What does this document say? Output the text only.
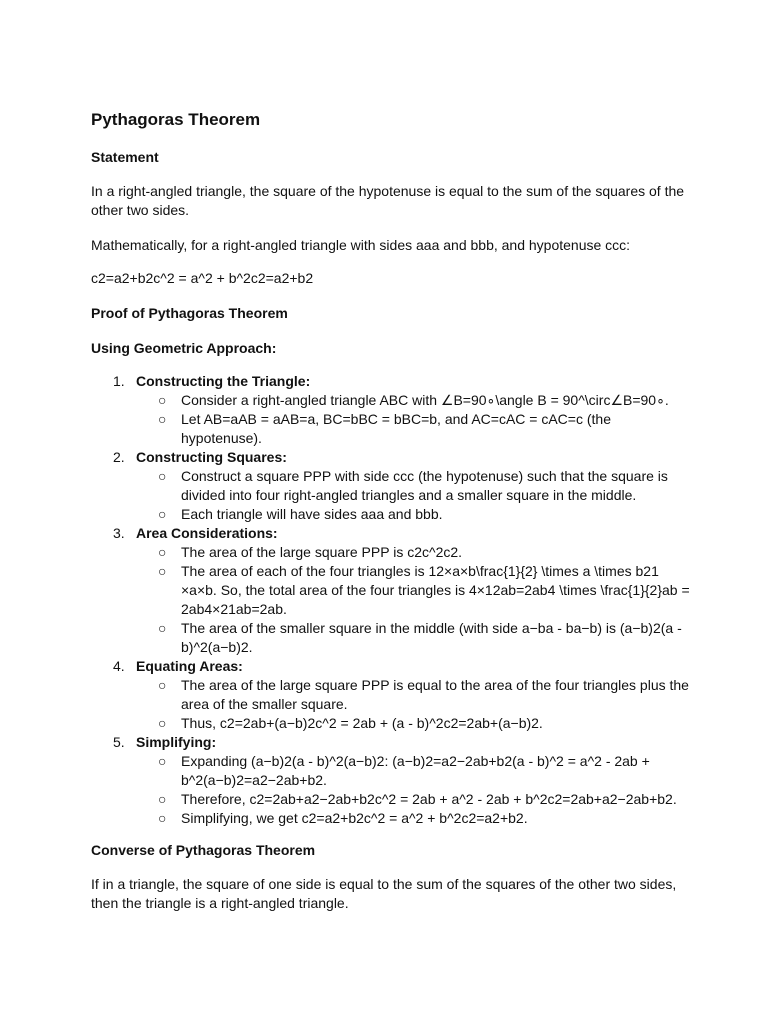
Pythagoras Theorem
Statement

In a right-angled triangle, the square of the hypotenuse is equal to the sum of the squares of the other two sides.

Mathematically, for a right-angled triangle with sides aaa and bbb, and hypotenuse ccc:

c2=a2+b2c^2 = a^2 + b^2c2=a2+b2

Proof of Pythagoras Theorem
Using Geometric Approach:
1. Constructing the Triangle:
○ Consider a right-angled triangle ABC with ∠B=90∘\angle B = 90^\circ∠B=90∘.
○ Let AB=aAB = aAB=a, BC=bBC = bBC=b, and AC=cAC = cAC=c (the hypotenuse).
2. Constructing Squares:
○ Construct a square PPP with side ccc (the hypotenuse) such that the square is divided into four right-angled triangles and a smaller square in the middle.
○ Each triangle will have sides aaa and bbb.
3. Area Considerations:
○ The area of the large square PPP is c2c^2c2.
○ The area of each of the four triangles is 12×a×b\frac{1}{2} \times a \times b21 ×a×b. So, the total area of the four triangles is 4×12ab=2ab4 \times \frac{1}{2}ab = 2ab4×21ab=2ab.
○ The area of the smaller square in the middle (with side a−ba - ba−b) is (a−b)2(a - b)^2(a−b)2.
4. Equating Areas:
○ The area of the large square PPP is equal to the area of the four triangles plus the area of the smaller square.
○ Thus, c2=2ab+(a−b)2c^2 = 2ab + (a - b)^2c2=2ab+(a−b)2.
5. Simplifying:
○ Expanding (a−b)2(a - b)^2(a−b)2: (a−b)2=a2−2ab+b2(a - b)^2 = a^2 - 2ab + b^2(a−b)2=a2−2ab+b2.
○ Therefore, c2=2ab+a2−2ab+b2c^2 = 2ab + a^2 - 2ab + b^2c2=2ab+a2−2ab+b2.
○ Simplifying, we get c2=a2+b2c^2 = a^2 + b^2c2=a2+b2.
Converse of Pythagoras Theorem

If in a triangle, the square of one side is equal to the sum of the squares of the other two sides, then the triangle is a right-angled triangle.
